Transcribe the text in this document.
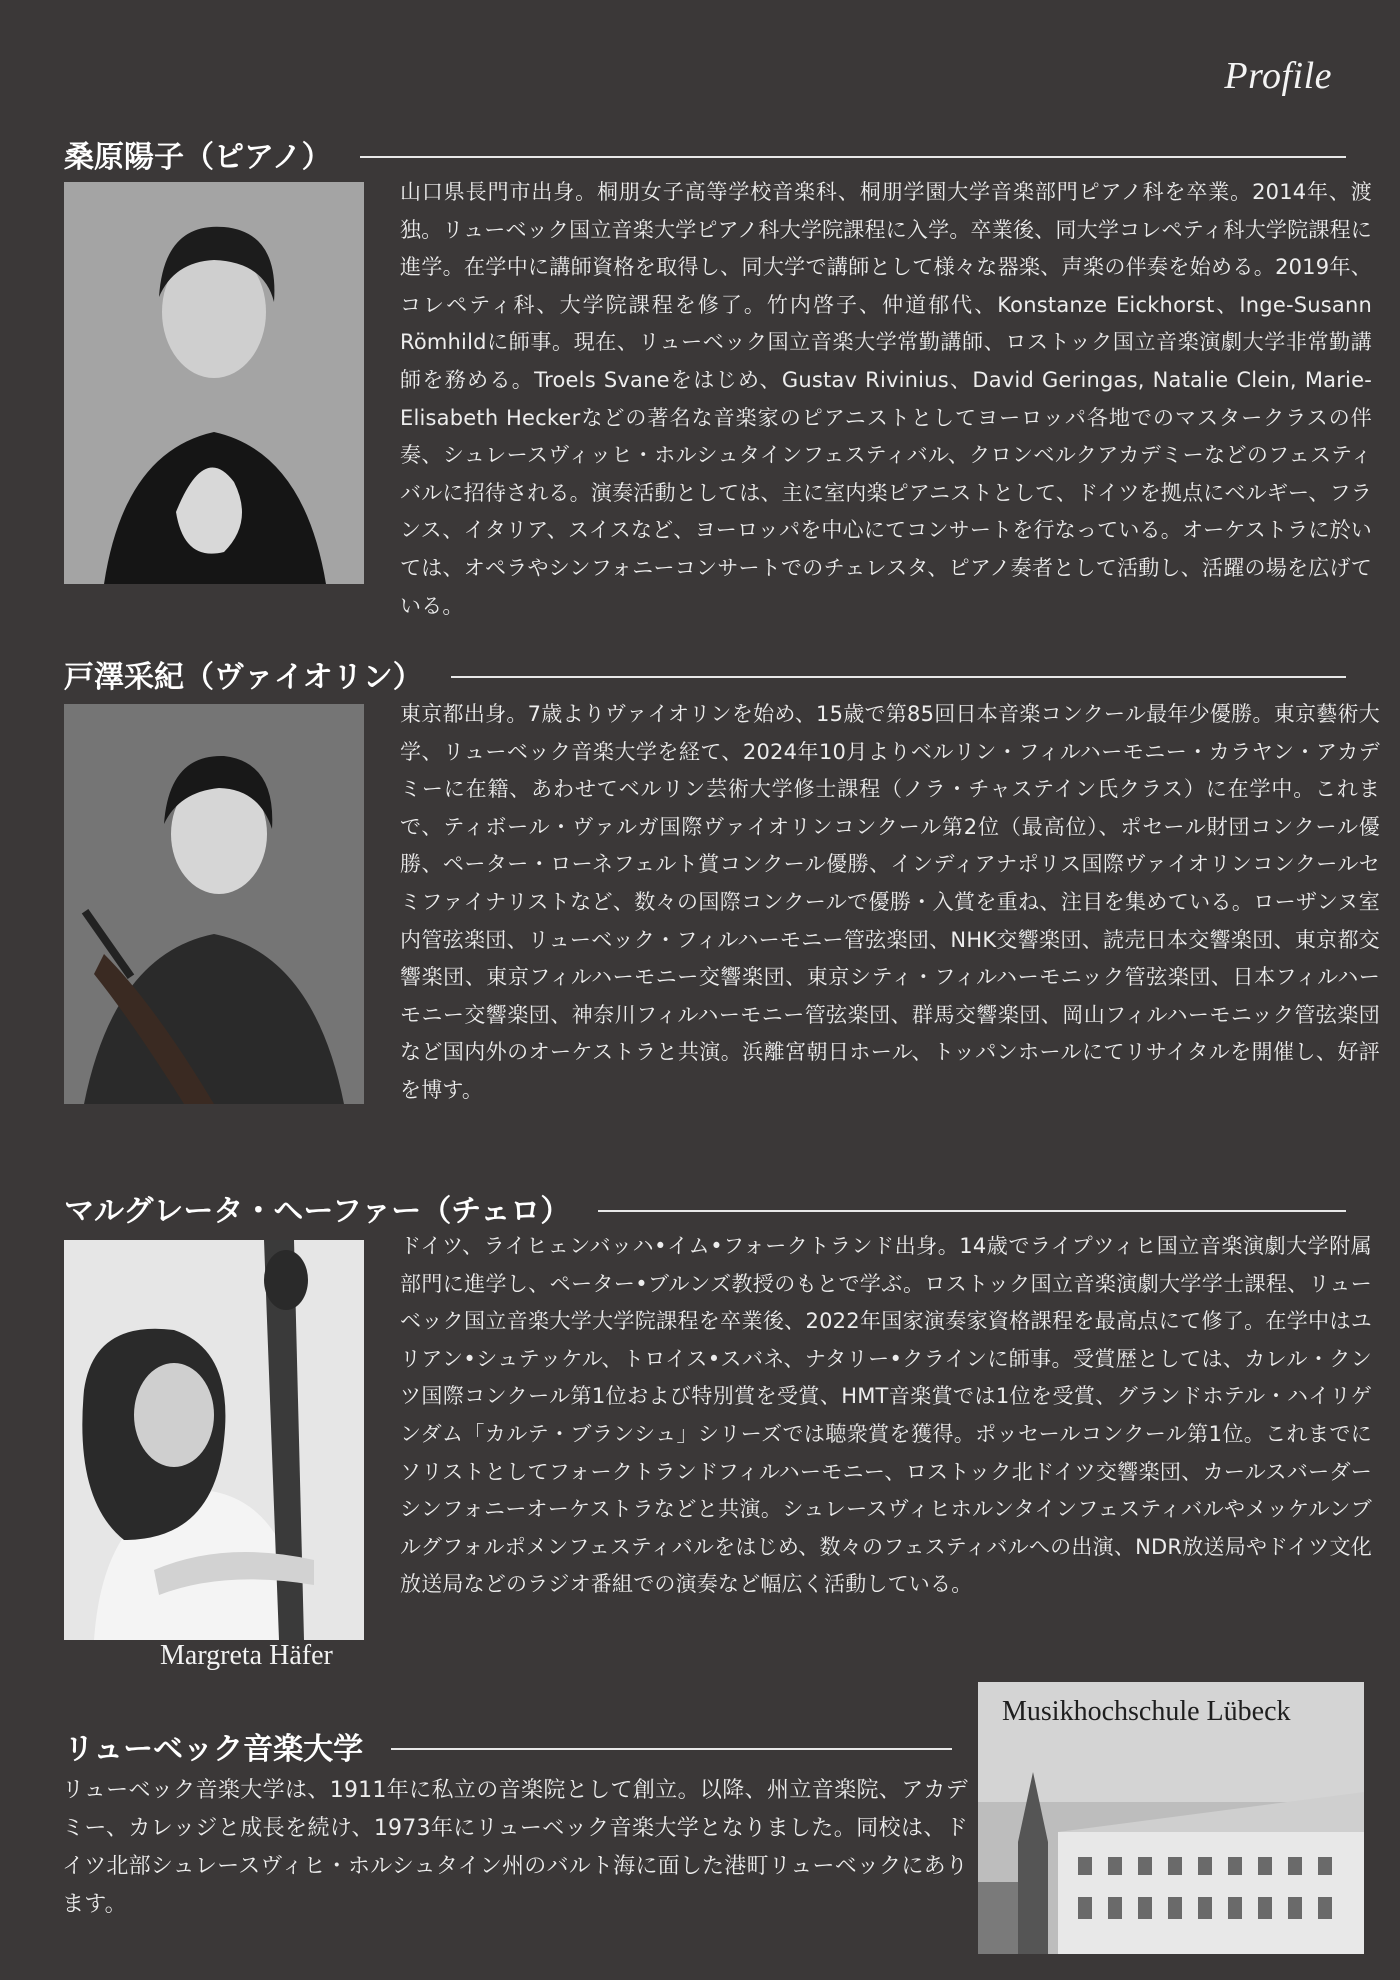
Profile
桑原陽子（ピアノ）

山口県長門市出身。桐朋女子高等学校音楽科、桐朋学園大学音楽部門ピアノ科を卒業。2014年、渡独。リューベック国立音楽大学ピアノ科大学院課程に入学。卒業後、同大学コレペティ科大学院課程に進学。在学中に講師資格を取得し、同大学で講師として様々な器楽、声楽の伴奏を始める。2019年、コレペティ科、大学院課程を修了。竹内啓子、仲道郁代、Konstanze Eickhorst、Inge-Susann Römhildに師事。現在、リューベック国立音楽大学常勤講師、ロストック国立音楽演劇大学非常勤講師を務める。Troels Svaneをはじめ、Gustav Rivinius、David Geringas, Natalie Clein, Marie-Elisabeth Heckerなどの著名な音楽家のピアニストとしてヨーロッパ各地でのマスタークラスの伴奏、シュレースヴィッヒ・ホルシュタインフェスティバル、クロンベルクアカデミーなどのフェスティバルに招待される。演奏活動としては、主に室内楽ピアニストとして、ドイツを拠点にベルギー、フランス、イタリア、スイスなど、ヨーロッパを中心にてコンサートを行なっている。オーケストラに於いては、オペラやシンフォニーコンサートでのチェレスタ、ピアノ奏者として活動し、活躍の場を広げている。

戸澤采紀（ヴァイオリン）

東京都出身。7歳よりヴァイオリンを始め、15歳で第85回日本音楽コンクール最年少優勝。東京藝術大学、リューベック音楽大学を経て、2024年10月よりベルリン・フィルハーモニー・カラヤン・アカデミーに在籍、あわせてベルリン芸術大学修士課程（ノラ・チャステイン氏クラス）に在学中。これまで、ティボール・ヴァルガ国際ヴァイオリンコンクール第2位（最高位）、ポセール財団コンクール優勝、ペーター・ローネフェルト賞コンクール優勝、インディアナポリス国際ヴァイオリンコンクールセミファイナリストなど、数々の国際コンクールで優勝・入賞を重ね、注目を集めている。ローザンヌ室内管弦楽団、リューベック・フィルハーモニー管弦楽団、NHK交響楽団、読売日本交響楽団、東京都交響楽団、東京フィルハーモニー交響楽団、東京シティ・フィルハーモニック管弦楽団、日本フィルハーモニー交響楽団、神奈川フィルハーモニー管弦楽団、群馬交響楽団、岡山フィルハーモニック管弦楽団など国内外のオーケストラと共演。浜離宮朝日ホール、トッパンホールにてリサイタルを開催し、好評を博す。

マルグレータ・ヘーファー（チェロ）
Margreta Häfer

ドイツ、ライヒェンバッハ•イム•フォークトランド出身。14歳でライプツィヒ国立音楽演劇大学附属部門に進学し、ペーター•ブルンズ教授のもとで学ぶ。ロストック国立音楽演劇大学学士課程、リューベック国立音楽大学大学院課程を卒業後、2022年国家演奏家資格課程を最高点にて修了。在学中はユリアン•シュテッケル、トロイス•スバネ、ナタリー•クラインに師事。受賞歴としては、カレル・クンツ国際コンクール第1位および特別賞を受賞、HMT音楽賞では1位を受賞、グランドホテル・ハイリゲンダム「カルテ・ブランシュ」シリーズでは聴衆賞を獲得。ポッセールコンクール第1位。これまでにソリストとしてフォークトランドフィルハーモニー、ロストック北ドイツ交響楽団、カールスバーダーシンフォニーオーケストラなどと共演。シュレースヴィヒホルンタインフェスティバルやメッケルンブルグフォルポメンフェスティバルをはじめ、数々のフェスティバルへの出演、NDR放送局やドイツ文化放送局などのラジオ番組での演奏など幅広く活動している。

リューベック音楽大学

リューベック音楽大学は、1911年に私立の音楽院として創立。以降、州立音楽院、アカデミー、カレッジと成長を続け、1973年にリューベック音楽大学となりました。同校は、ドイツ北部シュレースヴィヒ・ホルシュタイン州のバルト海に面した港町リューベックにあります。

Musikhochschule Lübeck
